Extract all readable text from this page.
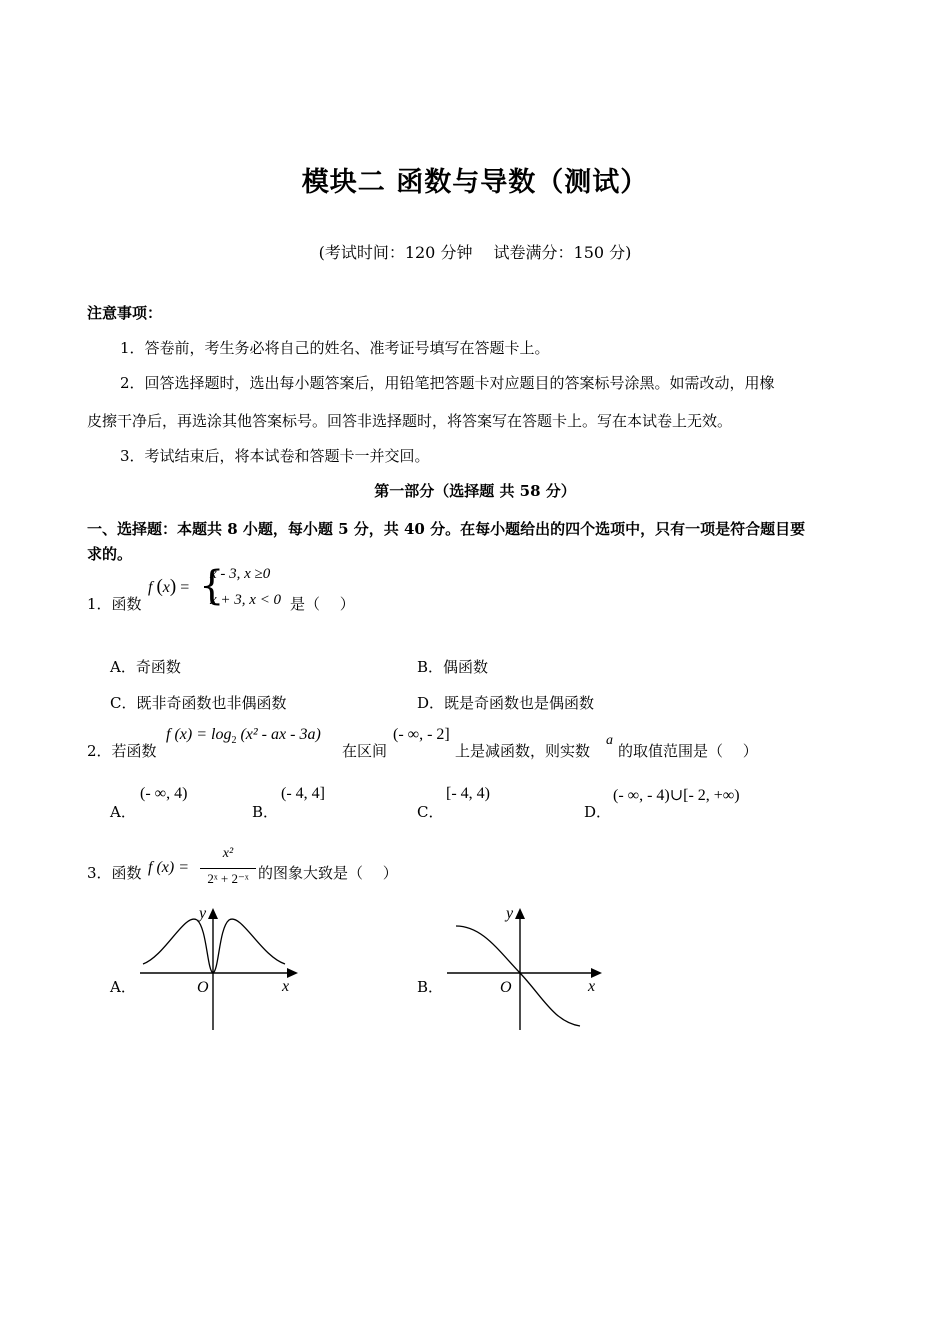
模块二 函数与导数（测试）
(考试时间：120 分钟　 试卷满分：150 分)
注意事项：
1．答卷前，考生务必将自己的姓名、准考证号填写在答题卡上。
2．回答选择题时，选出每小题答案后，用铅笔把答题卡对应题目的答案标号涂黑。如需改动，用橡
皮擦干净后，再选涂其他答案标号。回答非选择题时，将答案写在答题卡上。写在本试卷上无效。
3．考试结束后，将本试卷和答题卡一并交回。
第一部分（选择题 共 58 分）
一、选择题：本题共 8 小题，每小题 5 分，共 40 分。在每小题给出的四个选项中，只有一项是符合题目要
求的。
1．函数
f (x) = {
x - 3, x ≥0
x + 3, x < 0 是（　 ）
A．奇函数	B．偶函数
C．既非奇函数也非偶函数	D．既是奇函数也是偶函数
2．若函数
f $(x) = \log_2 (x^2$ - ax - 3a)
在区间
(- ∞, - 2]
上是减函数，则实数
a
的取值范围是（　 ）
A．
(- ∞, 4)
B．
(- 4, 4]
C．
[- 4, 4)
D．
(- ∞, - 4)∪[- 2, +∞)
3．函数 f (x) =
x²
2ˣ + 2⁻ˣ 的图象大致是（　 ）
A．	O
y
x	B．	O
y
x
